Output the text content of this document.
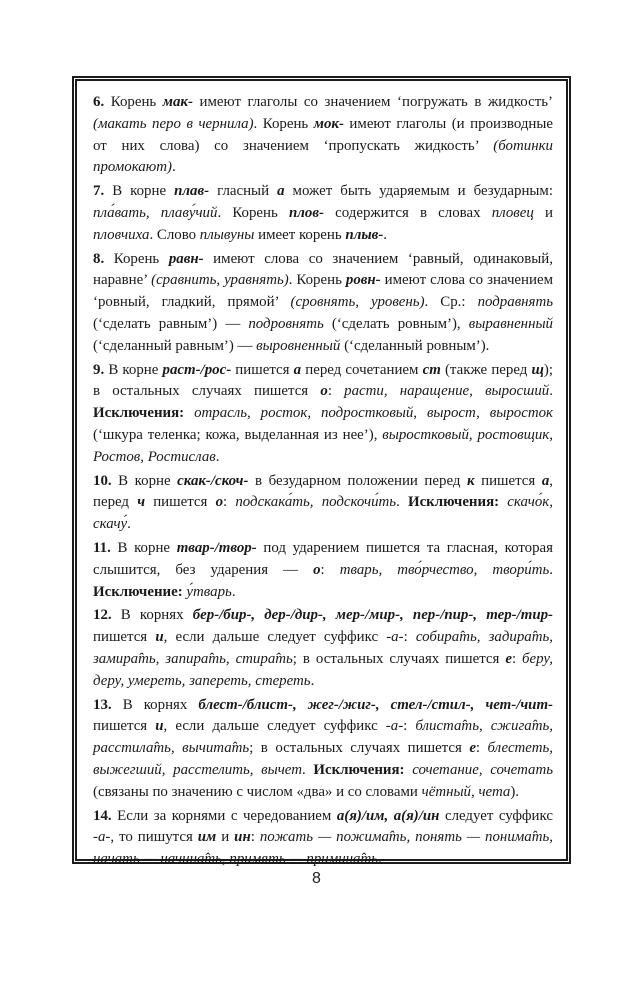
6. Корень мак- имеют глаголы со значением ‘погружать в жидкость’ (макать перо в чернила). Корень мок- имеют глаголы (и производные от них слова) со значением ‘пропускать жидкость’ (ботинки промокают).

7. В корне плав- гласный а может быть ударяемым и безударным: пла́вать, плаву́чий. Корень плов- содержится в словах пловец и пловчиха. Слово плывуны имеет корень плыв-.

8. Корень равн- имеют слова со значением ‘равный, одинаковый, наравне’ (сравнить, уравнять). Корень ровн- имеют слова со значением ‘ровный, гладкий, прямой’ (сровнять, уровень). Ср.: подравнять (‘сделать равным’) — подровнять (‘сделать ровным’), выравненный (‘сделанный равным’) — выровненный (‘сделанный ровным’).

9. В корне раст-/рос- пишется а перед сочетанием ст (также перед щ); в остальных случаях пишется о: расти, наращение, выросший. Исключения: отрасль, росток, подростковый, вырост, выросток (‘шкура теленка; кожа, выделанная из нее’), выростковый, ростовщик, Ростов, Ростислав.

10. В корне скак-/скоч- в безударном положении перед к пишется а, перед ч пишется о: подскака́ть, подскочи́ть. Исключения: скачо́к, скачу́.

11. В корне твар-/твор- под ударением пишется та гласная, которая слышится, без ударения — о: тварь, тво́рчество, твори́ть. Исключение: у́тварь.

12. В корнях бер-/бир-, дер-/дир-, мер-/мир-, пер-/пир-, тер-/тир- пишется и, если дальше следует суффикс -а-: собира̂ть, задира̂ть, замира̂ть, запира̂ть, стира̂ть; в остальных случаях пишется е: беру, деру, умереть, запереть, стереть.

13. В корнях блест-/блист-, жег-/жиг-, стел-/стил-, чет-/чит- пишется и, если дальше следует суффикс -а-: блиста̂ть, сжига̂ть, расстила̂ть, вычита̂ть; в остальных случаях пишется е: блестеть, выжегший, расстелить, вычет. Исключения: сочетание, сочетать (связаны по значению с числом «два» и со словами чётный, чета).

14. Если за корнями с чередованием а(я)/им, а(я)/ин следует суффикс -а-, то пишутся им и ин: пожать — пожима̂ть, понять — понима̂ть, начать — начина̂ть, примять — примина̂ть.

8
